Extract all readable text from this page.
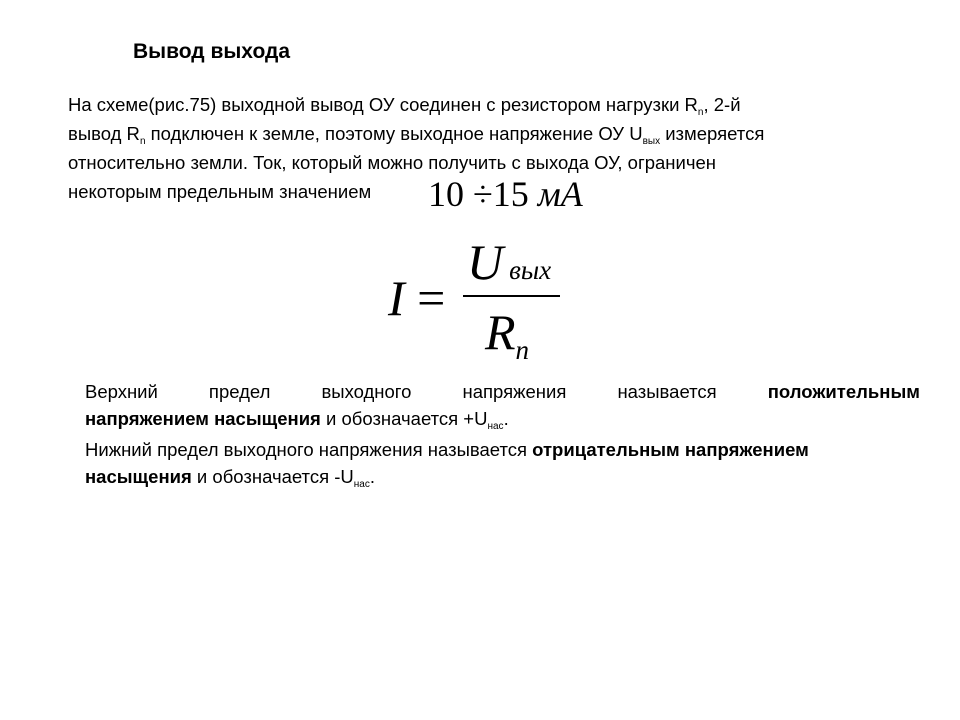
Вывод выхода
На схеме(рис.75) выходной вывод ОУ соединен с резистором нагрузки $R_n$, 2-й
вывод $R_n$ подключен к земле, поэтому выходное напряжение ОУ $U_{вых}$ измеряется
относительно земли. Ток, который можно получить с выхода ОУ, ограничен
некоторым предельным значением	10 ÷15 мА
I =
Uвых
$R_n$

Верхний	предел	выходного	напряжения	называется	положительным
напряжением насыщения и обозначается $+U_{нас}$.

Нижний предел выходного напряжения называется отрицательным напряжением
насыщения и обозначается $-U_{нас}$.
